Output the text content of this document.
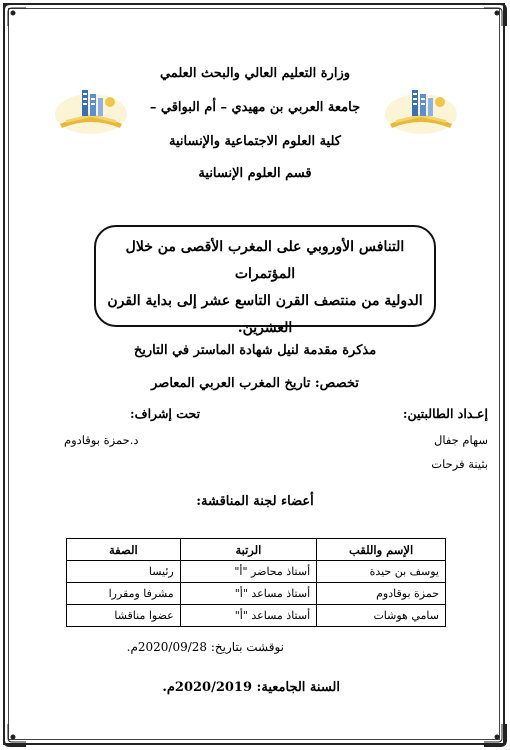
وزارة التعليم العالي والبحث العلمي
جامعة العربي بن مهيدي – أم البواقي –
كلية العلوم الاجتماعية والإنسانية
قسم العلوم الإنسانية
التنافس الأوروبي على المغرب الأقصى من خلال المؤتمرات
الدولية من منتصف القرن التاسع عشر إلى بداية القرن
العشرين.
مذكرة مقدمة لنيل شهادة الماستر في التاريخ
تخصص: تاريخ المغرب العربي المعاصر
إعـداد الطالبتين:
تحت إشراف:
سهام جفال
بثينة فرحات
د.حمزة بوقادوم
أعضاء لجنة المناقشة:
الإسم واللقب	الرتبة	الصفة
يوسف بن حيدة	أستاذ محاضر "أ"	رئيسا
حمزة بوقادوم	أستاذ مساعد "أ"	مشرفا ومقررا
سامي هوشات	أستاذ مساعد "أ"	عضوا مناقشا
نوقشت بتاريخ: 2020/09/28م.
السنة الجامعية: 2020/2019م.
